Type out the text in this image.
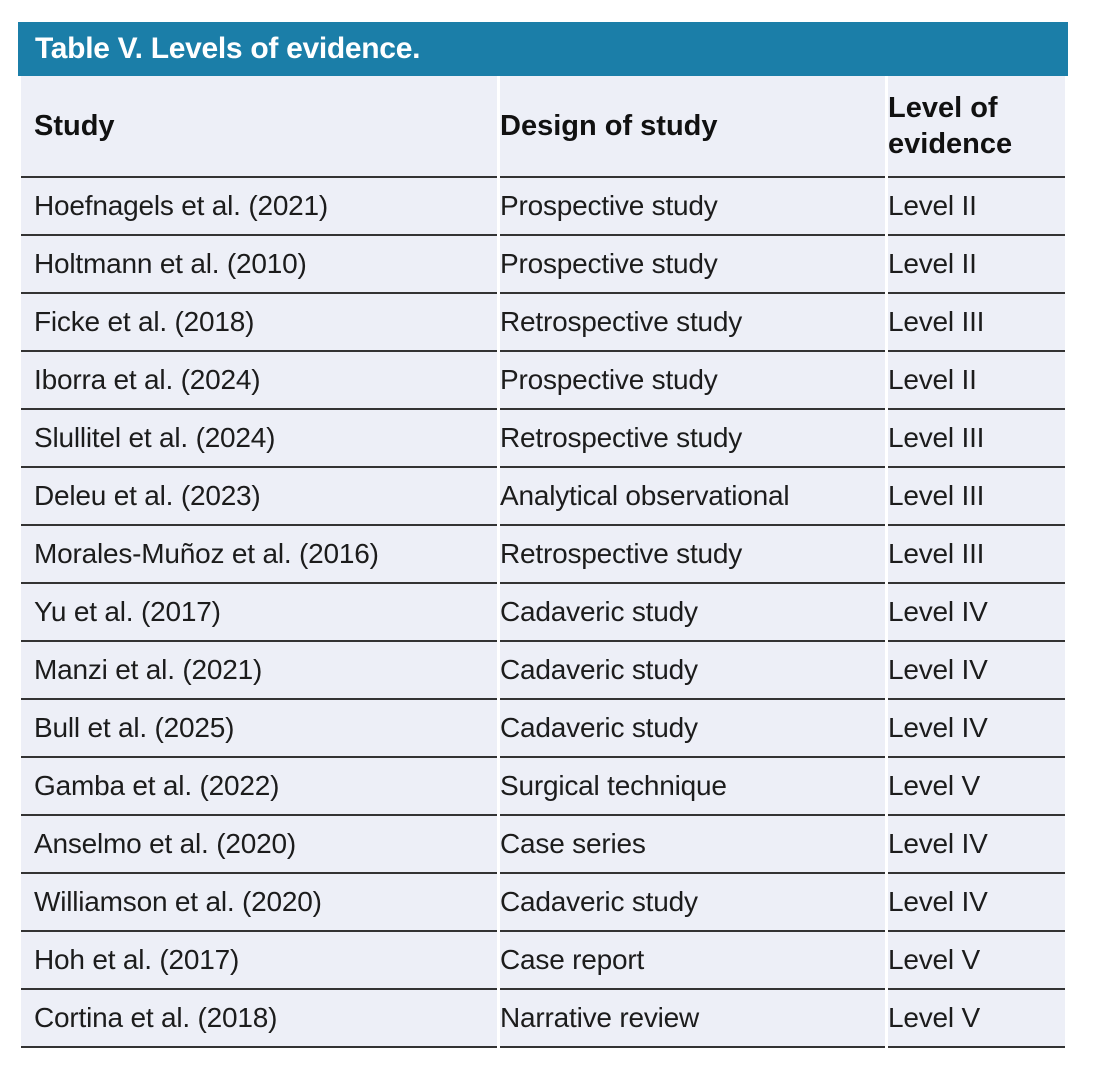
Table V. Levels of evidence.
Study	Design of study	Level of evidence
Hoefnagels et al. (2021)	Prospective study	Level II
Holtmann et al. (2010)	Prospective study	Level II
Ficke et al. (2018)	Retrospective study	Level III
Iborra et al. (2024)	Prospective study	Level II
Slullitel et al. (2024)	Retrospective study	Level III
Deleu et al. (2023)	Analytical observational	Level III
Morales-Muñoz et al. (2016)	Retrospective study	Level III
Yu et al. (2017)	Cadaveric study	Level IV
Manzi et al. (2021)	Cadaveric study	Level IV
Bull et al. (2025)	Cadaveric study	Level IV
Gamba et al. (2022)	Surgical technique	Level V
Anselmo et al. (2020)	Case series	Level IV
Williamson et al. (2020)	Cadaveric study	Level IV
Hoh et al. (2017)	Case report	Level V
Cortina et al. (2018)	Narrative review	Level V
